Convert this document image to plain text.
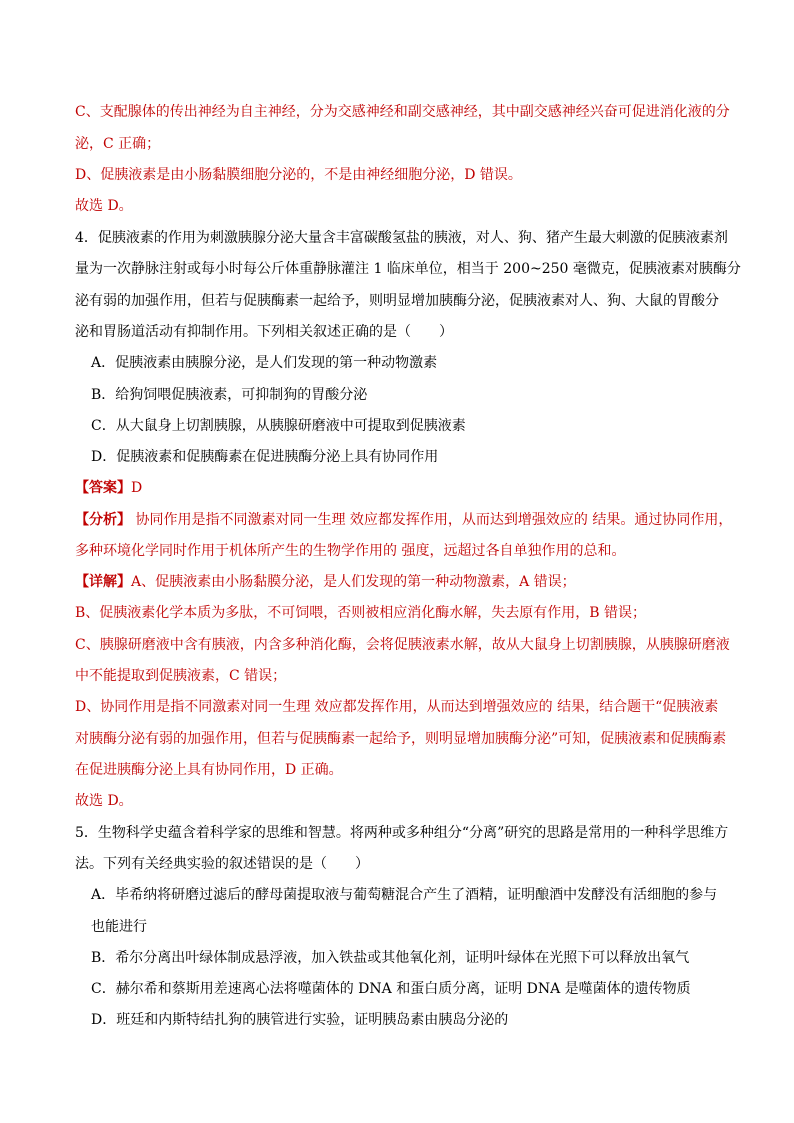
C、支配腺体的传出神经为自主神经，分为交感神经和副交感神经，其中副交感神经兴奋可促进消化液的分
泌，C 正确；
D、促胰液素是由小肠黏膜细胞分泌的，不是由神经细胞分泌，D 错误。
故选 D。
4．促胰液素的作用为刺激胰腺分泌大量含丰富碳酸氢盐的胰液，对人、狗、猪产生最大刺激的促胰液素剂
量为一次静脉注射或每小时每公斤体重静脉灌注 1 临床单位，相当于 200~250 毫微克，促胰液素对胰酶分
泌有弱的加强作用，但若与促胰酶素一起给予，则明显增加胰酶分泌，促胰液素对人、狗、大鼠的胃酸分
泌和胃肠道活动有抑制作用。下列相关叙述正确的是（　　）
A．促胰液素由胰腺分泌，是人们发现的第一种动物激素
B．给狗饲喂促胰液素，可抑制狗的胃酸分泌
C．从大鼠身上切割胰腺，从胰腺研磨液中可提取到促胰液素
D．促胰液素和促胰酶素在促进胰酶分泌上具有协同作用
【答案】D
【分析】 协同作用是指不同激素对同一生理 效应都发挥作用，从而达到增强效应的 结果。通过协同作用，
多种环境化学同时作用于机体所产生的生物学作用的 强度，远超过各自单独作用的总和。
【详解】A、促胰液素由小肠黏膜分泌，是人们发现的第一种动物激素，A 错误；
B、促胰液素化学本质为多肽，不可饲喂，否则被相应消化酶水解，失去原有作用，B 错误；
C、胰腺研磨液中含有胰液，内含多种消化酶，会将促胰液素水解，故从大鼠身上切割胰腺，从胰腺研磨液
中不能提取到促胰液素，C 错误；
D、协同作用是指不同激素对同一生理 效应都发挥作用，从而达到增强效应的 结果，结合题干“促胰液素
对胰酶分泌有弱的加强作用，但若与促胰酶素一起给予，则明显增加胰酶分泌”可知，促胰液素和促胰酶素
在促进胰酶分泌上具有协同作用，D 正确。
故选 D。
5．生物科学史蕴含着科学家的思维和智慧。将两种或多种组分“分离”研究的思路是常用的一种科学思维方
法。下列有关经典实验的叙述错误的是（　　）
A．毕希纳将研磨过滤后的酵母菌提取液与葡萄糖混合产生了酒精，证明酿酒中发酵没有活细胞的参与
也能进行
B．希尔分离出叶绿体制成悬浮液，加入铁盐或其他氧化剂，证明叶绿体在光照下可以释放出氧气
C．赫尔希和蔡斯用差速离心法将噬菌体的 DNA 和蛋白质分离，证明 DNA 是噬菌体的遗传物质
D．班廷和内斯特结扎狗的胰管进行实验，证明胰岛素由胰岛分泌的
